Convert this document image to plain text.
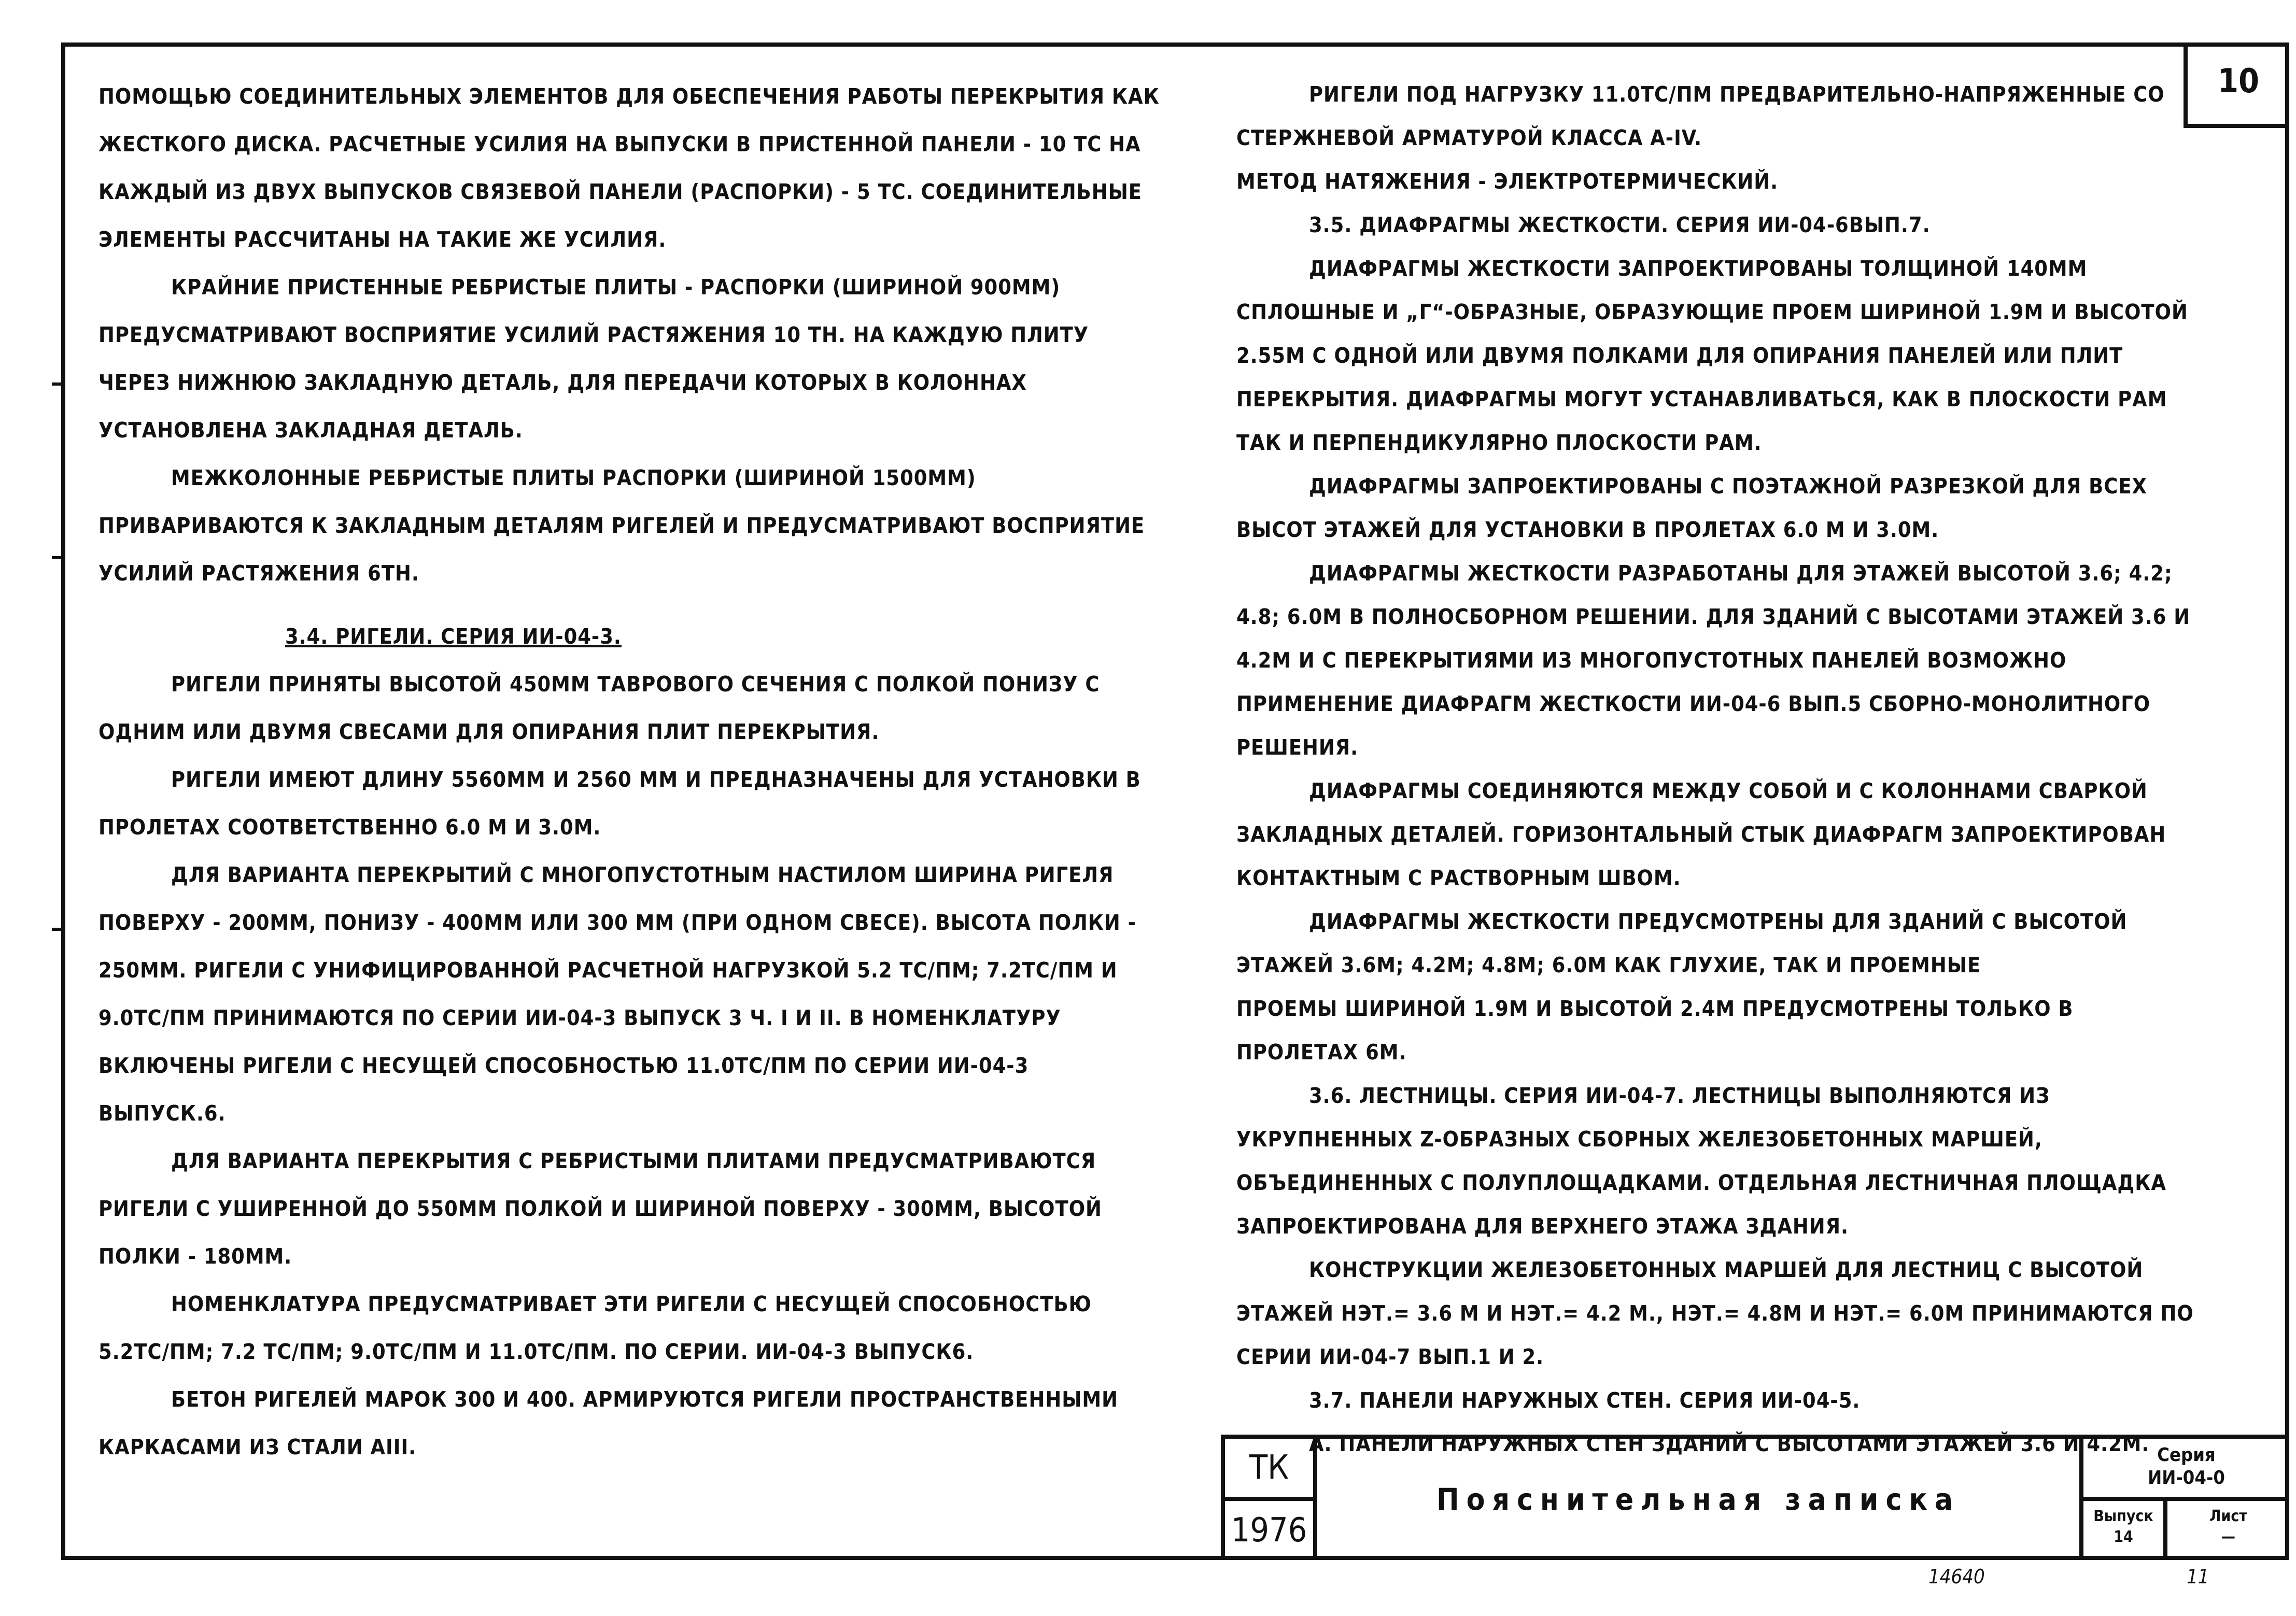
10

ПОМОЩЬЮ СОЕДИНИТЕЛЬНЫХ ЭЛЕМЕНТОВ ДЛЯ ОБЕСПЕЧЕНИЯ РАБОТЫ ПЕРЕКРЫТИЯ КАК ЖЕСТКОГО ДИСКА. РАСЧЕТНЫЕ УСИЛИЯ НА ВЫПУСКИ В ПРИСТЕННОЙ ПАНЕЛИ - 10 ТС НА КАЖДЫЙ ИЗ ДВУХ ВЫПУСКОВ СВЯЗЕВОЙ ПАНЕЛИ (РАСПОРКИ) - 5 ТС. СОЕДИНИТЕЛЬНЫЕ ЭЛЕМЕНТЫ РАССЧИТАНЫ НА ТАКИЕ ЖЕ УСИЛИЯ.

КРАЙНИЕ ПРИСТЕННЫЕ РЕБРИСТЫЕ ПЛИТЫ - РАСПОРКИ (ШИРИНОЙ 900ММ) ПРЕДУСМАТРИВАЮТ ВОСПРИЯТИЕ УСИЛИЙ РАСТЯЖЕНИЯ 10 ТН. НА КАЖДУЮ ПЛИТУ ЧЕРЕЗ НИЖНЮЮ ЗАКЛАДНУЮ ДЕТАЛЬ, ДЛЯ ПЕРЕДАЧИ КОТОРЫХ В КОЛОННАХ УСТАНОВЛЕНА ЗАКЛАДНАЯ ДЕТАЛЬ.

МЕЖКОЛОННЫЕ РЕБРИСТЫЕ ПЛИТЫ РАСПОРКИ (ШИРИНОЙ 1500ММ) ПРИВАРИВАЮТСЯ К ЗАКЛАДНЫМ ДЕТАЛЯМ РИГЕЛЕЙ И ПРЕДУСМАТРИВАЮТ ВОСПРИЯТИЕ УСИЛИЙ РАСТЯЖЕНИЯ 6ТН.

3.4. РИГЕЛИ. СЕРИЯ ИИ-04-3.

РИГЕЛИ ПРИНЯТЫ ВЫСОТОЙ 450ММ ТАВРОВОГО СЕЧЕНИЯ С ПОЛКОЙ ПОНИЗУ С ОДНИМ ИЛИ ДВУМЯ СВЕСАМИ ДЛЯ ОПИРАНИЯ ПЛИТ ПЕРЕКРЫТИЯ.

РИГЕЛИ ИМЕЮТ ДЛИНУ 5560ММ И 2560 ММ И ПРЕДНАЗНАЧЕНЫ ДЛЯ УСТАНОВКИ В ПРОЛЕТАХ СООТВЕТСТВЕННО 6.0 М И 3.0М.

ДЛЯ ВАРИАНТА ПЕРЕКРЫТИЙ С МНОГОПУСТОТНЫМ НАСТИЛОМ ШИРИНА РИГЕЛЯ ПОВЕРХУ - 200ММ, ПОНИЗУ - 400ММ ИЛИ 300 ММ (ПРИ ОДНОМ СВЕСЕ). ВЫСОТА ПОЛКИ - 250ММ. РИГЕЛИ С УНИФИЦИРОВАННОЙ РАСЧЕТНОЙ НАГРУЗКОЙ 5.2 ТС/ПМ; 7.2ТС/ПМ И 9.0ТС/ПМ ПРИНИМАЮТСЯ ПО СЕРИИ ИИ-04-3 ВЫПУСК 3 Ч. I И II. В НОМЕНКЛАТУРУ ВКЛЮЧЕНЫ РИГЕЛИ С НЕСУЩЕЙ СПОСОБНОСТЬЮ 11.0ТС/ПМ ПО СЕРИИ ИИ-04-3 ВЫПУСК.6.

ДЛЯ ВАРИАНТА ПЕРЕКРЫТИЯ С РЕБРИСТЫМИ ПЛИТАМИ ПРЕДУСМАТРИВАЮТСЯ РИГЕЛИ С УШИРЕННОЙ ДО 550ММ ПОЛКОЙ И ШИРИНОЙ ПОВЕРХУ - 300ММ, ВЫСОТОЙ ПОЛКИ - 180ММ.

НОМЕНКЛАТУРА ПРЕДУСМАТРИВАЕТ ЭТИ РИГЕЛИ С НЕСУЩЕЙ СПОСОБНОСТЬЮ 5.2ТС/ПМ; 7.2 ТС/ПМ; 9.0ТС/ПМ И 11.0ТС/ПМ. ПО СЕРИИ. ИИ-04-3 ВЫПУСК6.

БЕТОН РИГЕЛЕЙ МАРОК 300 И 400. АРМИРУЮТСЯ РИГЕЛИ ПРОСТРАНСТВЕННЫМИ КАРКАСАМИ ИЗ СТАЛИ АIII.

РИГЕЛИ ПОД НАГРУЗКУ 11.0ТС/ПМ ПРЕДВАРИТЕЛЬНО-НАПРЯЖЕННЫЕ СО СТЕРЖНЕВОЙ АРМАТУРОЙ КЛАССА А-IV.

МЕТОД НАТЯЖЕНИЯ - ЭЛЕКТРОТЕРМИЧЕСКИЙ.

3.5. ДИАФРАГМЫ ЖЕСТКОСТИ. СЕРИЯ ИИ-04-6ВЫП.7.

ДИАФРАГМЫ ЖЕСТКОСТИ ЗАПРОЕКТИРОВАНЫ ТОЛЩИНОЙ 140ММ СПЛОШНЫЕ И „Г“-ОБРАЗНЫЕ, ОБРАЗУЮЩИЕ ПРОЕМ ШИРИНОЙ 1.9М И ВЫСОТОЙ 2.55М С ОДНОЙ ИЛИ ДВУМЯ ПОЛКАМИ ДЛЯ ОПИРАНИЯ ПАНЕЛЕЙ ИЛИ ПЛИТ ПЕРЕКРЫТИЯ. ДИАФРАГМЫ МОГУТ УСТАНАВЛИВАТЬСЯ, КАК В ПЛОСКОСТИ РАМ ТАК И ПЕРПЕНДИКУЛЯРНО ПЛОСКОСТИ РАМ.

ДИАФРАГМЫ ЗАПРОЕКТИРОВАНЫ С ПОЭТАЖНОЙ РАЗРЕЗКОЙ ДЛЯ ВСЕХ ВЫСОТ ЭТАЖЕЙ ДЛЯ УСТАНОВКИ В ПРОЛЕТАХ 6.0 М И 3.0М.

ДИАФРАГМЫ ЖЕСТКОСТИ РАЗРАБОТАНЫ ДЛЯ ЭТАЖЕЙ ВЫСОТОЙ 3.6; 4.2; 4.8; 6.0М В ПОЛНОСБОРНОМ РЕШЕНИИ. ДЛЯ ЗДАНИЙ С ВЫСОТАМИ ЭТАЖЕЙ 3.6 И 4.2М И С ПЕРЕКРЫТИЯМИ ИЗ МНОГОПУСТОТНЫХ ПАНЕЛЕЙ ВОЗМОЖНО ПРИМЕНЕНИЕ ДИАФРАГМ ЖЕСТКОСТИ ИИ-04-6 ВЫП.5 СБОРНО-МОНОЛИТНОГО РЕШЕНИЯ.

ДИАФРАГМЫ СОЕДИНЯЮТСЯ МЕЖДУ СОБОЙ И С КОЛОННАМИ СВАРКОЙ ЗАКЛАДНЫХ ДЕТАЛЕЙ. ГОРИЗОНТАЛЬНЫЙ СТЫК ДИАФРАГМ ЗАПРОЕКТИРОВАН КОНТАКТНЫМ С РАСТВОРНЫМ ШВОМ.

ДИАФРАГМЫ ЖЕСТКОСТИ ПРЕДУСМОТРЕНЫ ДЛЯ ЗДАНИЙ С ВЫСОТОЙ ЭТАЖЕЙ 3.6М; 4.2М; 4.8М; 6.0М КАК ГЛУХИЕ, ТАК И ПРОЕМНЫЕ

ПРОЕМЫ ШИРИНОЙ 1.9М И ВЫСОТОЙ 2.4М ПРЕДУСМОТРЕНЫ ТОЛЬКО В ПРОЛЕТАХ 6М.

3.6. ЛЕСТНИЦЫ. СЕРИЯ ИИ-04-7. ЛЕСТНИЦЫ ВЫПОЛНЯЮТСЯ ИЗ УКРУПНЕННЫХ Z-ОБРАЗНЫХ СБОРНЫХ ЖЕЛЕЗОБЕТОННЫХ МАРШЕЙ, ОБЪЕДИНЕННЫХ С ПОЛУПЛОЩАДКАМИ. ОТДЕЛЬНАЯ ЛЕСТНИЧНАЯ ПЛОЩАДКА ЗАПРОЕКТИРОВАНА ДЛЯ ВЕРХНЕГО ЭТАЖА ЗДАНИЯ.

КОНСТРУКЦИИ ЖЕЛЕЗОБЕТОННЫХ МАРШЕЙ ДЛЯ ЛЕСТНИЦ С ВЫСОТОЙ ЭТАЖЕЙ НЭТ.= 3.6 М И НЭТ.= 4.2 М., НЭТ.= 4.8М И НЭТ.= 6.0М ПРИНИМАЮТСЯ ПО СЕРИИ ИИ-04-7 ВЫП.1 И 2.

3.7. ПАНЕЛИ НАРУЖНЫХ СТЕН. СЕРИЯ ИИ-04-5.

А. ПАНЕЛИ НАРУЖНЫХ СТЕН ЗДАНИЙ С ВЫСОТАМИ ЭТАЖЕЙ 3.6 И 4.2М.

ТК
1976
Пояснительная записка
Серия
ИИ-04-0
Выпуск
14
Лист
—
14640	11
